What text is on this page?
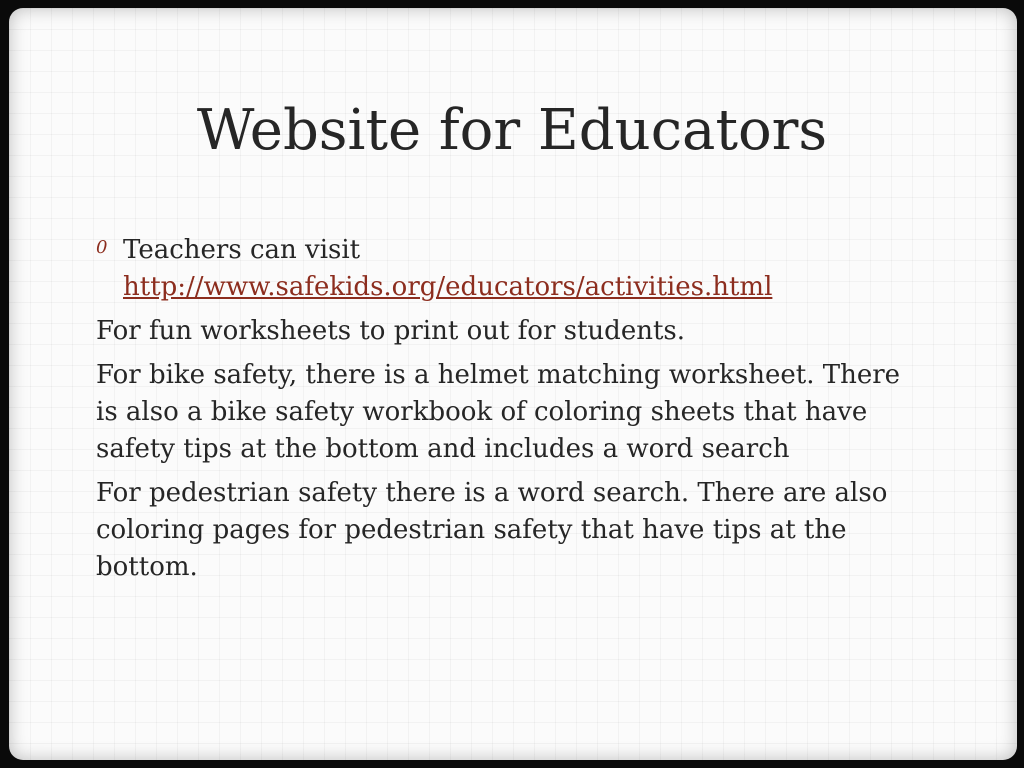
Website for Educators
0 Teachers can visit
http://www.safekids.org/educators/activities.html
For fun worksheets to print out for students.
For bike safety, there is a helmet matching worksheet. There is also a bike safety workbook of coloring sheets that have safety tips at the bottom and includes a word search
For pedestrian safety there is a word search. There are also coloring pages for pedestrian safety that have tips at the bottom.
